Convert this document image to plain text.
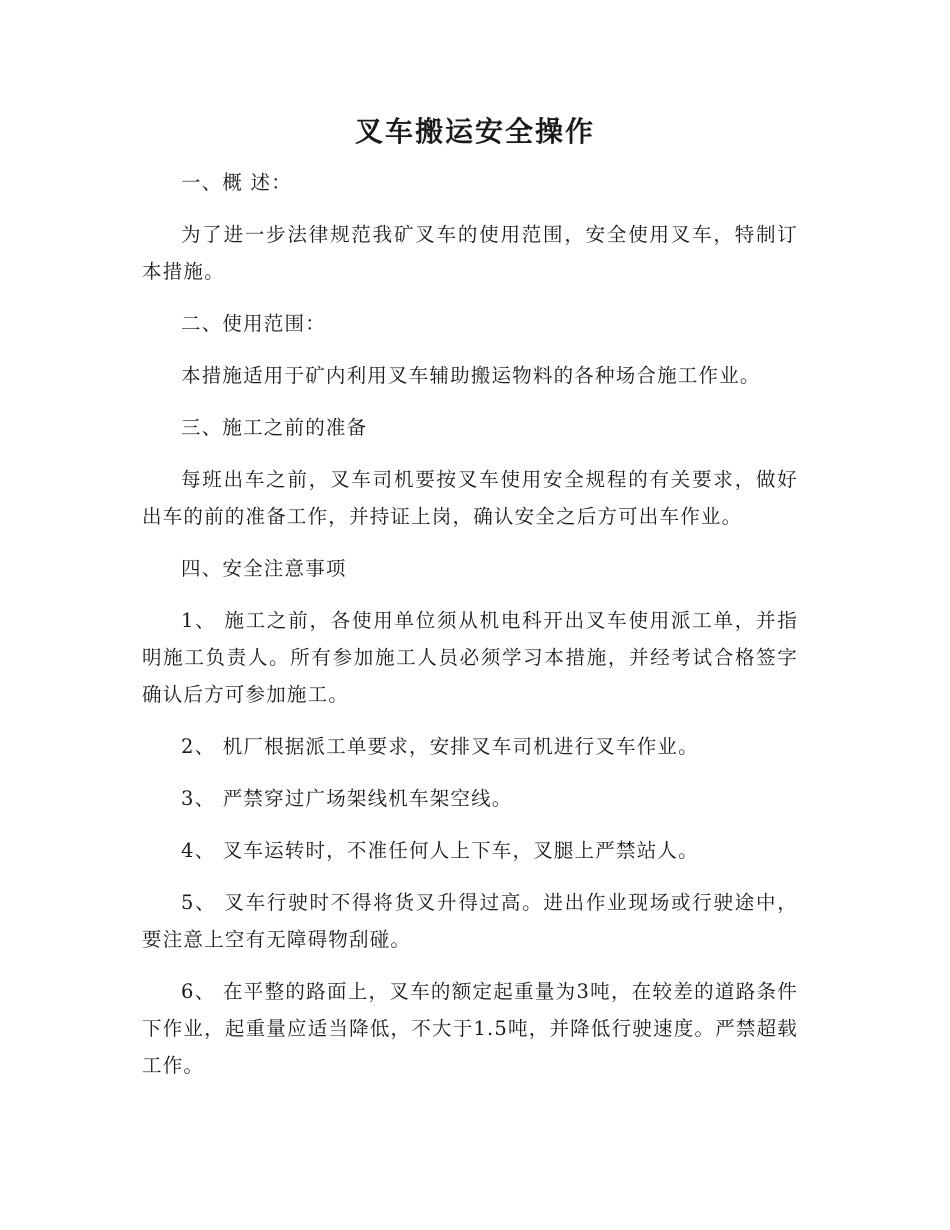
叉车搬运安全操作

一、概 述：

为了进一步法律规范我矿叉车的使用范围，安全使用叉车，特制订本措施。

二、使用范围：

本措施适用于矿内利用叉车辅助搬运物料的各种场合施工作业。

三、施工之前的准备

每班出车之前，叉车司机要按叉车使用安全规程的有关要求，做好出车的前的准备工作，并持证上岗，确认安全之后方可出车作业。

四、安全注意事项

1、 施工之前，各使用单位须从机电科开出叉车使用派工单，并指明施工负责人。所有参加施工人员必须学习本措施，并经考试合格签字确认后方可参加施工。

2、 机厂根据派工单要求，安排叉车司机进行叉车作业。

3、 严禁穿过广场架线机车架空线。

4、 叉车运转时，不准任何人上下车，叉腿上严禁站人。

5、 叉车行驶时不得将货叉升得过高。进出作业现场或行驶途中，要注意上空有无障碍物刮碰。

6、 在平整的路面上，叉车的额定起重量为3吨，在较差的道路条件下作业，起重量应适当降低，不大于1.5吨，并降低行驶速度。严禁超载工作。
